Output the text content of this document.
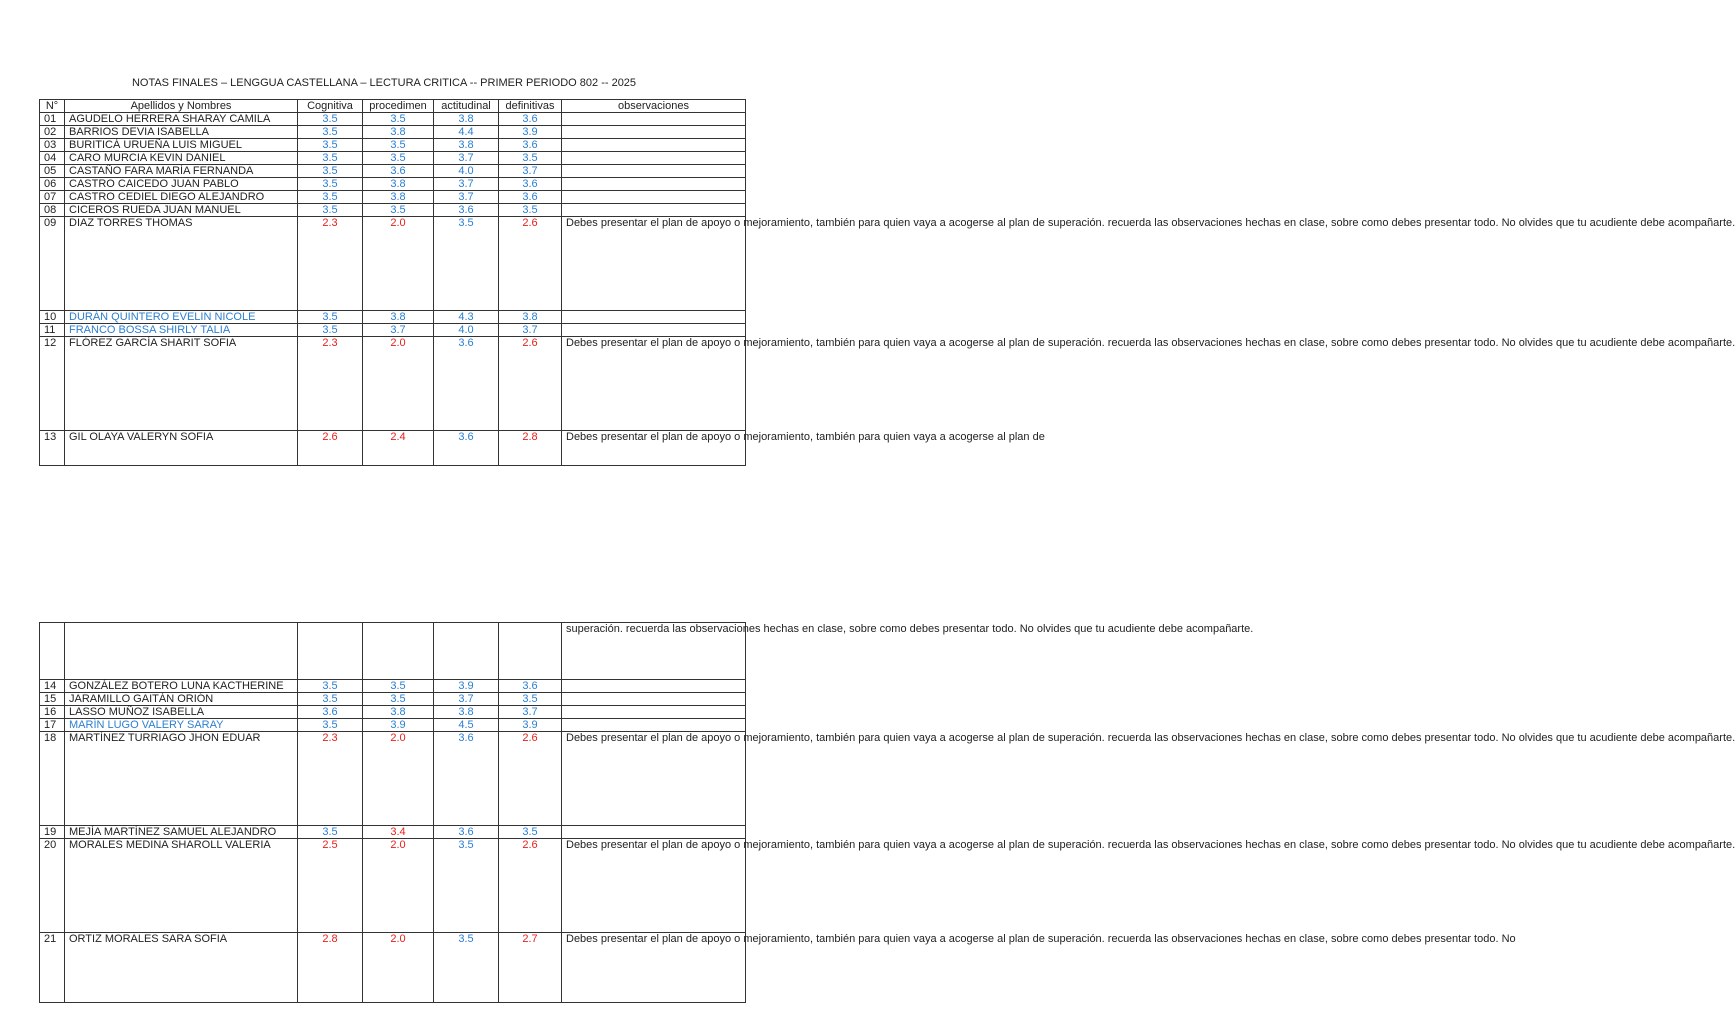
NOTAS FINALES – LENGGUA CASTELLANA – LECTURA CRITICA -- PRIMER PERIODO 802 -- 2025
N°	Apellidos y Nombres	Cognitiva	procedimen	actitudinal	definitivas	observaciones
01	AGUDELO HERRERA SHARAY CAMILA	3.5	3.5	3.8	3.6	
02	BARRIOS DEVIA ISABELLA	3.5	3.8	4.4	3.9	
03	BURITICÁ URUEÑA LUIS MIGUEL	3.5	3.5	3.8	3.6	
04	CARO MURCIA KEVIN DANIEL	3.5	3.5	3.7	3.5	
05	CASTAÑO FARA MARÍA FERNANDA	3.5	3.6	4.0	3.7	
06	CASTRO CAICEDO JUAN PABLO	3.5	3.8	3.7	3.6	
07	CASTRO CEDIEL DIEGO ALEJANDRO	3.5	3.8	3.7	3.6	
08	CICEROS RUEDA JUAN MANUEL	3.5	3.5	3.6	3.5	
09	DIAZ TORRES THOMAS	2.3	2.0	3.5	2.6	Debes presentar el plan de apoyo o mejoramiento, también para quien vaya a acogerse al plan de superación. recuerda las observaciones hechas en clase, sobre como debes presentar todo. No olvides que tu acudiente debe acompañarte.
10	DURÁN QUINTERO EVELIN NICOLE	3.5	3.8	4.3	3.8	
11	FRANCO BOSSA SHIRLY TALIA	3.5	3.7	4.0	3.7	
12	FLÓREZ GARCÍA SHARIT SOFIA	2.3	2.0	3.6	2.6	Debes presentar el plan de apoyo o mejoramiento, también para quien vaya a acogerse al plan de superación. recuerda las observaciones hechas en clase, sobre como debes presentar todo. No olvides que tu acudiente debe acompañarte.
13	GIL OLAYA VALERYN SOFIA	2.6	2.4	3.6	2.8	Debes presentar el plan de apoyo o mejoramiento, también para quien vaya a acogerse al plan de
						superación. recuerda las observaciones hechas en clase, sobre como debes presentar todo. No olvides que tu acudiente debe acompañarte.
14	GONZÁLEZ BOTERO LUNA KACTHERINE	3.5	3.5	3.9	3.6	
15	JARAMILLO GAITÁN ORIÓN	3.5	3.5	3.7	3.5	
16	LASSO MUÑOZ ISABELLA	3.6	3.8	3.8	3.7	
17	MARÍN LUGO VALERY SARAY	3.5	3.9	4.5	3.9	
18	MARTÍNEZ TURRIAGO JHON EDUAR	2.3	2.0	3.6	2.6	Debes presentar el plan de apoyo o mejoramiento, también para quien vaya a acogerse al plan de superación. recuerda las observaciones hechas en clase, sobre como debes presentar todo. No olvides que tu acudiente debe acompañarte.
19	MEJÍA MARTÍNEZ SAMUEL ALEJANDRO	3.5	3.4	3.6	3.5	
20	MORALES MEDINA SHAROLL VALERIA	2.5	2.0	3.5	2.6	Debes presentar el plan de apoyo o mejoramiento, también para quien vaya a acogerse al plan de superación. recuerda las observaciones hechas en clase, sobre como debes presentar todo. No olvides que tu acudiente debe acompañarte.
21	ORTIZ MORALES SARA SOFIA	2.8	2.0	3.5	2.7	Debes presentar el plan de apoyo o mejoramiento, también para quien vaya a acogerse al plan de superación. recuerda las observaciones hechas en clase, sobre como debes presentar todo. No
